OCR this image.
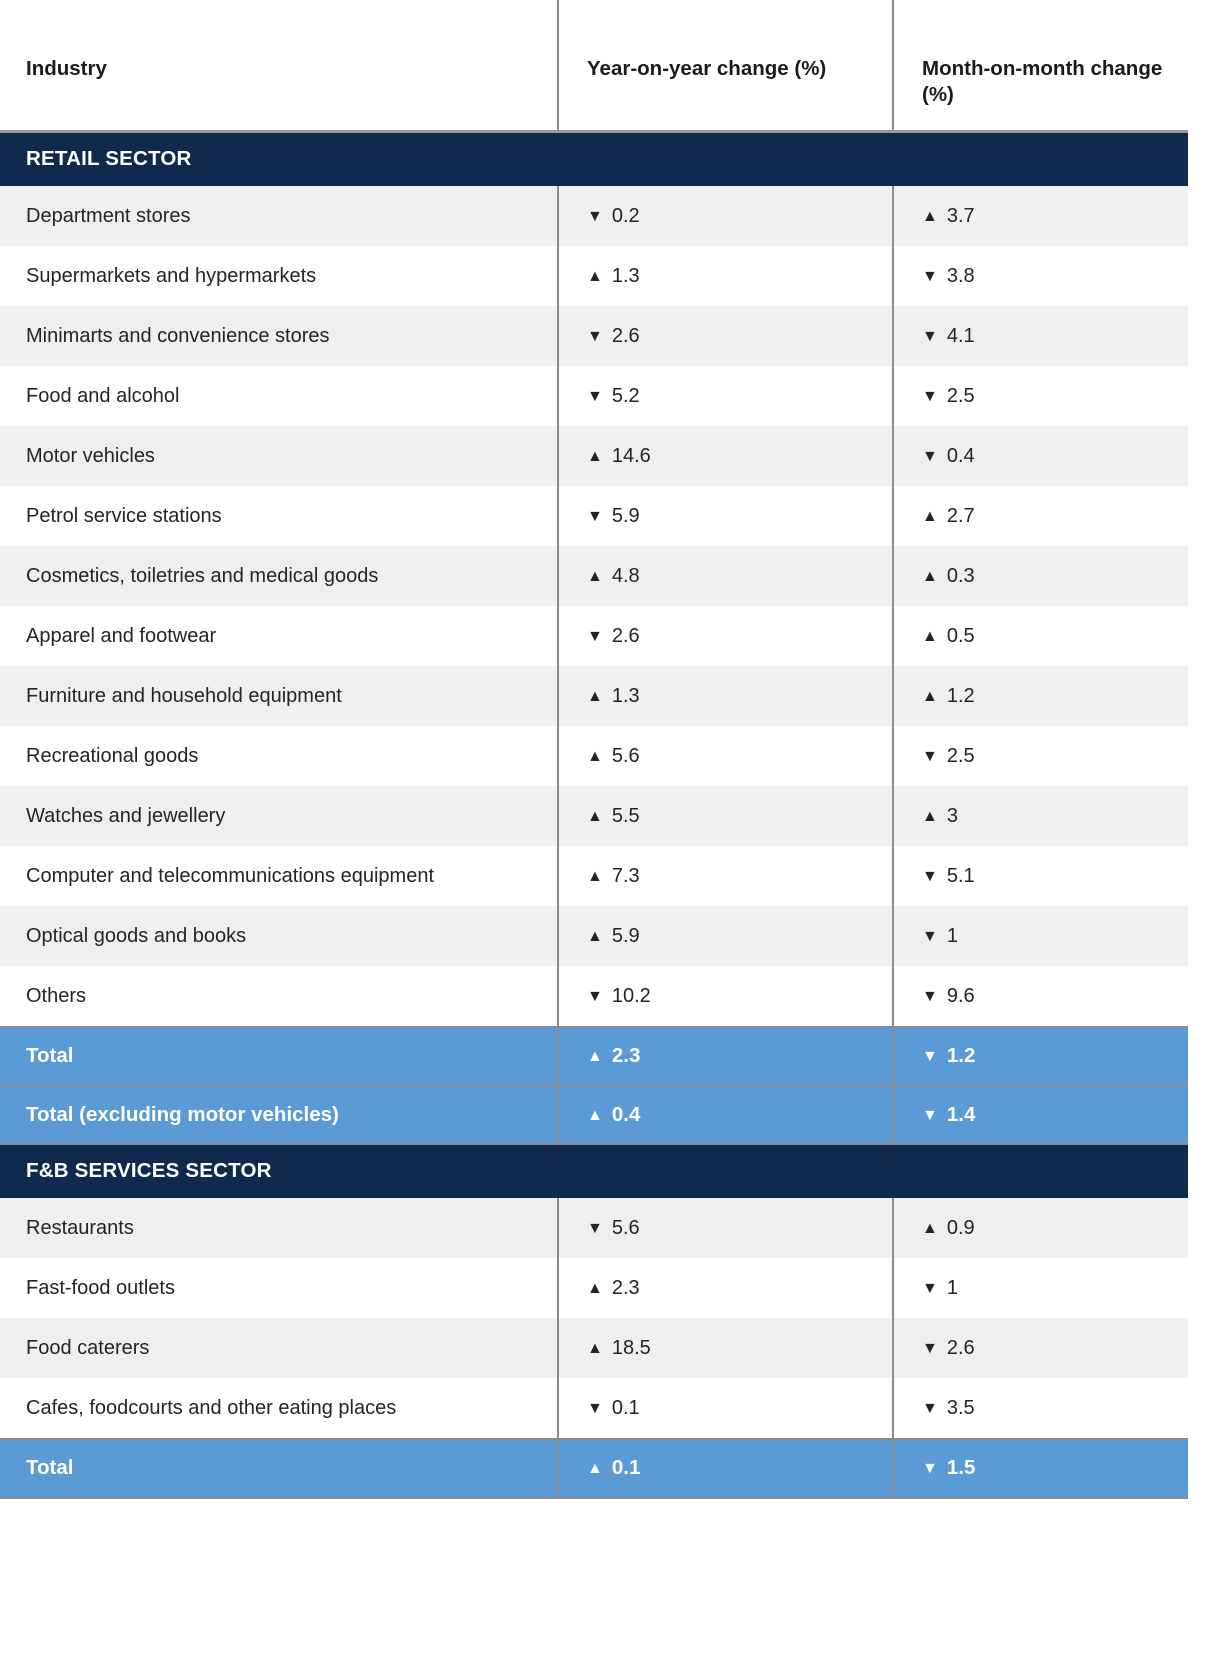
Industry	Year-on-year change (%)	Month-on-month change (%)
RETAIL SECTOR		
Department stores	▼ 0.2	▲ 3.7
Supermarkets and hypermarkets	▲ 1.3	▼ 3.8
Minimarts and convenience stores	▼ 2.6	▼ 4.1
Food and alcohol	▼ 5.2	▼ 2.5
Motor vehicles	▲ 14.6	▼ 0.4
Petrol service stations	▼ 5.9	▲ 2.7
Cosmetics, toiletries and medical goods	▲ 4.8	▲ 0.3
Apparel and footwear	▼ 2.6	▲ 0.5
Furniture and household equipment	▲ 1.3	▲ 1.2
Recreational goods	▲ 5.6	▼ 2.5
Watches and jewellery	▲ 5.5	▲ 3
Computer and telecommunications equipment	▲ 7.3	▼ 5.1
Optical goods and books	▲ 5.9	▼ 1
Others	▼ 10.2	▼ 9.6
Total	▲ 2.3	▼ 1.2
Total (excluding motor vehicles)	▲ 0.4	▼ 1.4
F&B SERVICES SECTOR		
Restaurants	▼ 5.6	▲ 0.9
Fast-food outlets	▲ 2.3	▼ 1
Food caterers	▲ 18.5	▼ 2.6
Cafes, foodcourts and other eating places	▼ 0.1	▼ 3.5
Total	▲ 0.1	▼ 1.5
